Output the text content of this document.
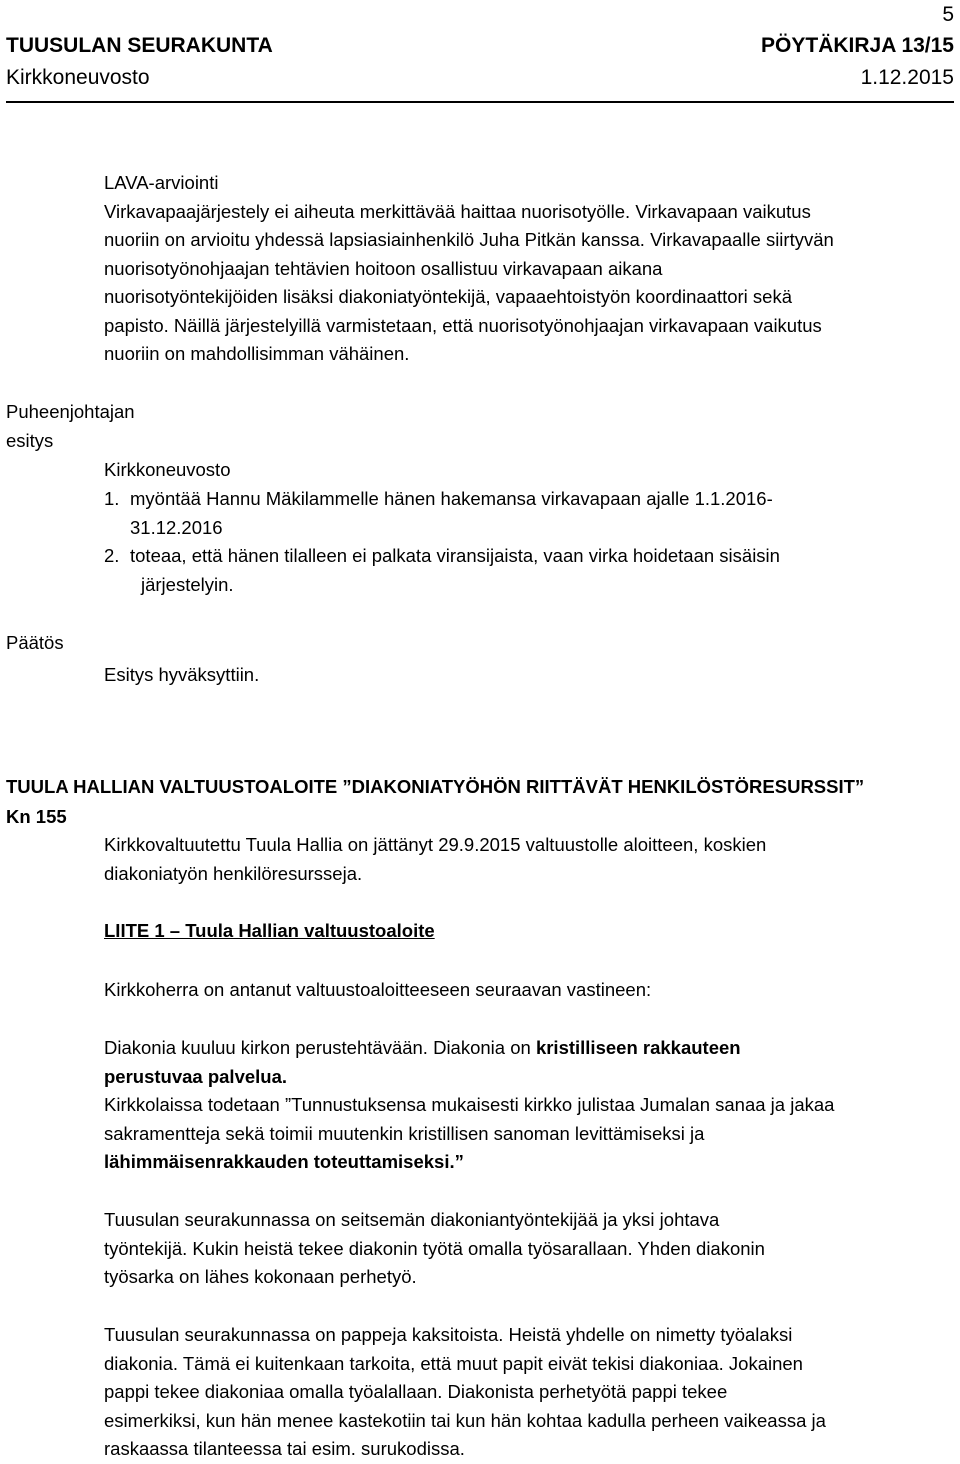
5
TUUSULAN SEURAKUNTA	PÖYTÄKIRJA 13/15
Kirkkoneuvosto	1.12.2015
LAVA-arviointi
Virkavapaajärjestely ei aiheuta merkittävää haittaa nuorisotyölle. Virkavapaan vaikutus
nuoriin on arvioitu yhdessä lapsiasiainhenkilö Juha Pitkän kanssa. Virkavapaalle siirtyvän
nuorisotyönohjaajan tehtävien hoitoon osallistuu virkavapaan aikana
nuorisotyöntekijöiden lisäksi diakoniatyöntekijä, vapaaehtoistyön koordinaattori sekä
papisto. Näillä järjestelyillä varmistetaan, että nuorisotyönohjaajan virkavapaan vaikutus
nuoriin on mahdollisimman vähäinen.
Puheenjohtajan
esitys
Kirkkoneuvosto
1. myöntää Hannu Mäkilammelle hänen hakemansa virkavapaan ajalle 1.1.2016-
31.12.2016
2. toteaa, että hänen tilalleen ei palkata viransijaista, vaan virka hoidetaan sisäisin
järjestelyin.
Päätös
Esitys hyväksyttiin.
TUULA HALLIAN VALTUUSTOALOITE ”DIAKONIATYÖHÖN RIITTÄVÄT HENKILÖSTÖRESURSSIT”
Kn 155
Kirkkovaltuutettu Tuula Hallia on jättänyt 29.9.2015 valtuustolle aloitteen, koskien
diakoniatyön henkilöresursseja.
LIITE 1 – Tuula Hallian valtuustoaloite
Kirkkoherra on antanut valtuustoaloitteeseen seuraavan vastineen:
Diakonia kuuluu kirkon perustehtävään. Diakonia on kristilliseen rakkauteen
perustuvaa palvelua.
Kirkkolaissa todetaan ”Tunnustuksensa mukaisesti kirkko julistaa Jumalan sanaa ja jakaa
sakramentteja sekä toimii muutenkin kristillisen sanoman levittämiseksi ja
lähimmäisenrakkauden toteuttamiseksi.”
Tuusulan seurakunnassa on seitsemän diakoniantyöntekijää ja yksi johtava
työntekijä. Kukin heistä tekee diakonin työtä omalla työsarallaan. Yhden diakonin
työsarka on lähes kokonaan perhetyö.
Tuusulan seurakunnassa on pappeja kaksitoista. Heistä yhdelle on nimetty työalaksi
diakonia. Tämä ei kuitenkaan tarkoita, että muut papit eivät tekisi diakoniaa. Jokainen
pappi tekee diakoniaa omalla työalallaan. Diakonista perhetyötä pappi tekee
esimerkiksi, kun hän menee kastekotiin tai kun hän kohtaa kadulla perheen vaikeassa ja
raskaassa tilanteessa tai esim. surukodissa.
